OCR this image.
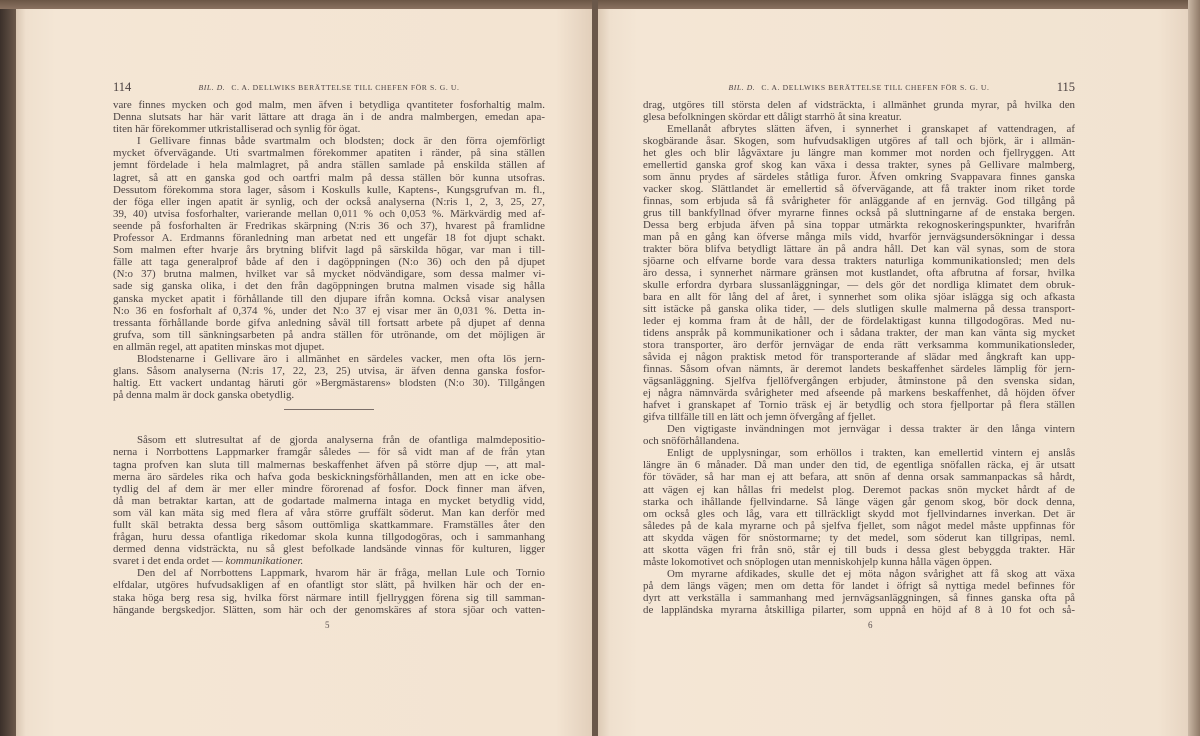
114	BIL. D. C. A. DELLWIKS BERÄTTELSE TILL CHEFEN FÖR S. G. U.	BIL. D. C. A. DELLWIKS BERÄTTELSE TILL CHEFEN FÖR S. G. U.	115
vare finnes mycken och god malm, men äfven i betydliga qvantiteter fosforhaltig malm.
Denna slutsats har här varit lättare att draga än i de andra malmbergen, emedan apa-
titen här förekommer utkristalliserad och synlig för ögat.
I Gellivare finnas både svartmalm och blodsten; dock är den förra ojemförligt
mycket öfvervägande. Uti svartmalmen förekommer apatiten i ränder, på sina ställen
jemnt fördelade i hela malmlagret, på andra ställen samlade på enskilda ställen af
lagret, så att en ganska god och oartfri malm på dessa ställen bör kunna utsofras.
Dessutom förekomma stora lager, såsom i Koskulls kulle, Kaptens-, Kungsgrufvan m. fl.,
der föga eller ingen apatit är synlig, och der också analyserna (N:ris 1, 2, 3, 25, 27,
39, 40) utvisa fosforhalter, varierande mellan 0,011 % och 0,053 %. Märkvärdig med af-
seende på fosforhalten är Fredrikas skärpning (N:ris 36 och 37), hvarest på framlidne
Professor A. Erdmanns föranledning man arbetat ned ett ungefär 18 fot djupt schakt.
Som malmen efter hvarje års brytning blifvit lagd på särskilda högar, var man i till-
fälle att taga generalprof både af den i dagöppningen (N:o 36) och den på djupet
(N:o 37) brutna malmen, hvilket var så mycket nödvändigare, som dessa malmer vi-
sade sig ganska olika, i det den från dagöppningen brutna malmen visade sig hålla
ganska mycket apatit i förhållande till den djupare ifrån komna. Också visar analysen
N:o 36 en fosforhalt af 0,374 %, under det N:o 37 ej visar mer än 0,031 %. Detta in-
tressanta förhållande borde gifva anledning såväl till fortsatt arbete på djupet af denna
grufva, som till sänkningsarbeten på andra ställen för utrönande, om det möjligen är
en allmän regel, att apatiten minskas mot djupet.
Blodstenarne i Gellivare äro i allmänhet en särdeles vacker, men ofta lös jern-
glans. Såsom analyserna (N:ris 17, 22, 23, 25) utvisa, är äfven denna ganska fosfor-
haltig. Ett vackert undantag häruti gör »Bergmästarens» blodsten (N:o 30). Tillgången
på denna malm är dock ganska obetydlig.
Såsom ett slutresultat af de gjorda analyserna från de ofantliga malmdepositio-
nerna i Norrbottens Lappmarker framgår således — för så vidt man af de från ytan
tagna profven kan sluta till malmernas beskaffenhet äfven på större djup —, att mal-
merna äro särdeles rika och hafva goda beskickningsförhållanden, men att en icke obe-
tydlig del af dem är mer eller mindre förorenad af fosfor. Dock finner man äfven,
då man betraktar kartan, att de godartade malmerna intaga en mycket betydlig vidd,
som väl kan mäta sig med flera af våra större gruffält söderut. Man kan derför med
fullt skäl betrakta dessa berg såsom outtömliga skattkammare. Framställes åter den
frågan, huru dessa ofantliga rikedomar skola kunna tillgodogöras, och i sammanhang
dermed denna vidsträckta, nu så glest befolkade landsände vinnas för kulturen, ligger
svaret i det enda ordet — kommunikationer.
Den del af Norrbottens Lappmark, hvarom här är fråga, mellan Lule och Tornio
elfdalar, utgöres hufvudsakligen af en ofantligt stor slätt, på hvilken här och der en-
staka höga berg resa sig, hvilka först närmare intill fjellryggen förena sig till samman-
hängande bergskedjor. Slätten, som här och der genomskäres af stora sjöar och vatten-
drag, utgöres till största delen af vidsträckta, i allmänhet grunda myrar, på hvilka den
glesa befolkningen skördar ett dåligt starrhö åt sina kreatur.
Emellanåt afbrytes slätten äfven, i synnerhet i granskapet af vattendragen, af
skogbärande åsar. Skogen, som hufvudsakligen utgöres af tall och björk, är i allmän-
het gles och blir lågväxtare ju längre man kommer mot norden och fjellryggen. Att
emellertid ganska grof skog kan växa i dessa trakter, synes på Gellivare malmberg,
som ännu prydes af särdeles ståtliga furor. Äfven omkring Svappavara finnes ganska
vacker skog. Slättlandet är emellertid så öfvervägande, att få trakter inom riket torde
finnas, som erbjuda så få svårigheter för anläggande af en jernväg. God tillgång på
grus till bankfyllnad öfver myrarne finnes också på sluttningarne af de enstaka bergen.
Dessa berg erbjuda äfven på sina toppar utmärkta rekognoskeringspunkter, hvarifrån
man på en gång kan öfverse många mils vidd, hvarför jernvägsundersökningar i dessa
trakter böra blifva betydligt lättare än på andra håll. Det kan väl synas, som de stora
sjöarne och elfvarne borde vara dessa trakters naturliga kommunikationsled; men dels
äro dessa, i synnerhet närmare gränsen mot kustlandet, ofta afbrutna af forsar, hvilka
skulle erfordra dyrbara slussanläggningar, — dels gör det nordliga klimatet dem obruk-
bara en allt för lång del af året, i synnerhet som olika sjöar islägga sig och afkasta
sitt istäcke på ganska olika tider, — dels slutligen skulle malmerna på dessa transport-
leder ej komma fram åt de håll, der de fördelaktigast kunna tillgodogöras. Med nu-
tidens anspråk på kommunikationer och i sådana trakter, der man kan vänta sig mycket
stora transporter, äro derför jernvägar de enda rätt verksamma kommunikationsleder,
såvida ej någon praktisk metod för transporterande af slädar med ångkraft kan upp-
finnas. Såsom ofvan nämnts, är deremot landets beskaffenhet särdeles lämplig för jern-
vägsanläggning. Sjelfva fjellöfvergången erbjuder, åtminstone på den svenska sidan,
ej några nämnvärda svårigheter med afseende på markens beskaffenhet, då höjden öfver
hafvet i granskapet af Tornio träsk ej är betydlig och stora fjellportar på flera ställen
gifva tillfälle till en lätt och jemn öfvergång af fjellet.
Den vigtigaste invändningen mot jernvägar i dessa trakter är den långa vintern
och snöförhållandena.
Enligt de upplysningar, som erhöllos i trakten, kan emellertid vintern ej anslås
längre än 6 månader. Då man under den tid, de egentliga snöfallen räcka, ej är utsatt
för töväder, så har man ej att befara, att snön af denna orsak sammanpackas så hårdt,
att vägen ej kan hållas fri medelst plog. Deremot packas snön mycket hårdt af de
starka och ihållande fjellvindarne. Så länge vägen går genom skog, bör dock denna,
om också gles och låg, vara ett tillräckligt skydd mot fjellvindarnes inverkan. Det är
således på de kala myrarne och på sjelfva fjellet, som något medel måste uppfinnas för
att skydda vägen för snöstormarne; ty det medel, som söderut kan tillgripas, neml.
att skotta vägen fri från snö, står ej till buds i dessa glest bebyggda trakter. Här
måste lokomotivet och snöplogen utan menniskohjelp kunna hålla vägen öppen.
Om myrarne afdikades, skulle det ej möta någon svårighet att få skog att växa
på dem längs vägen; men om detta för landet i öfrigt så nyttiga medel befinnes för
dyrt att verkställa i sammanhang med jernvägsanläggningen, så finnes ganska ofta på
de lappländska myrarna åtskilliga pilarter, som uppnå en höjd af 8 à 10 fot och så-
5	6
